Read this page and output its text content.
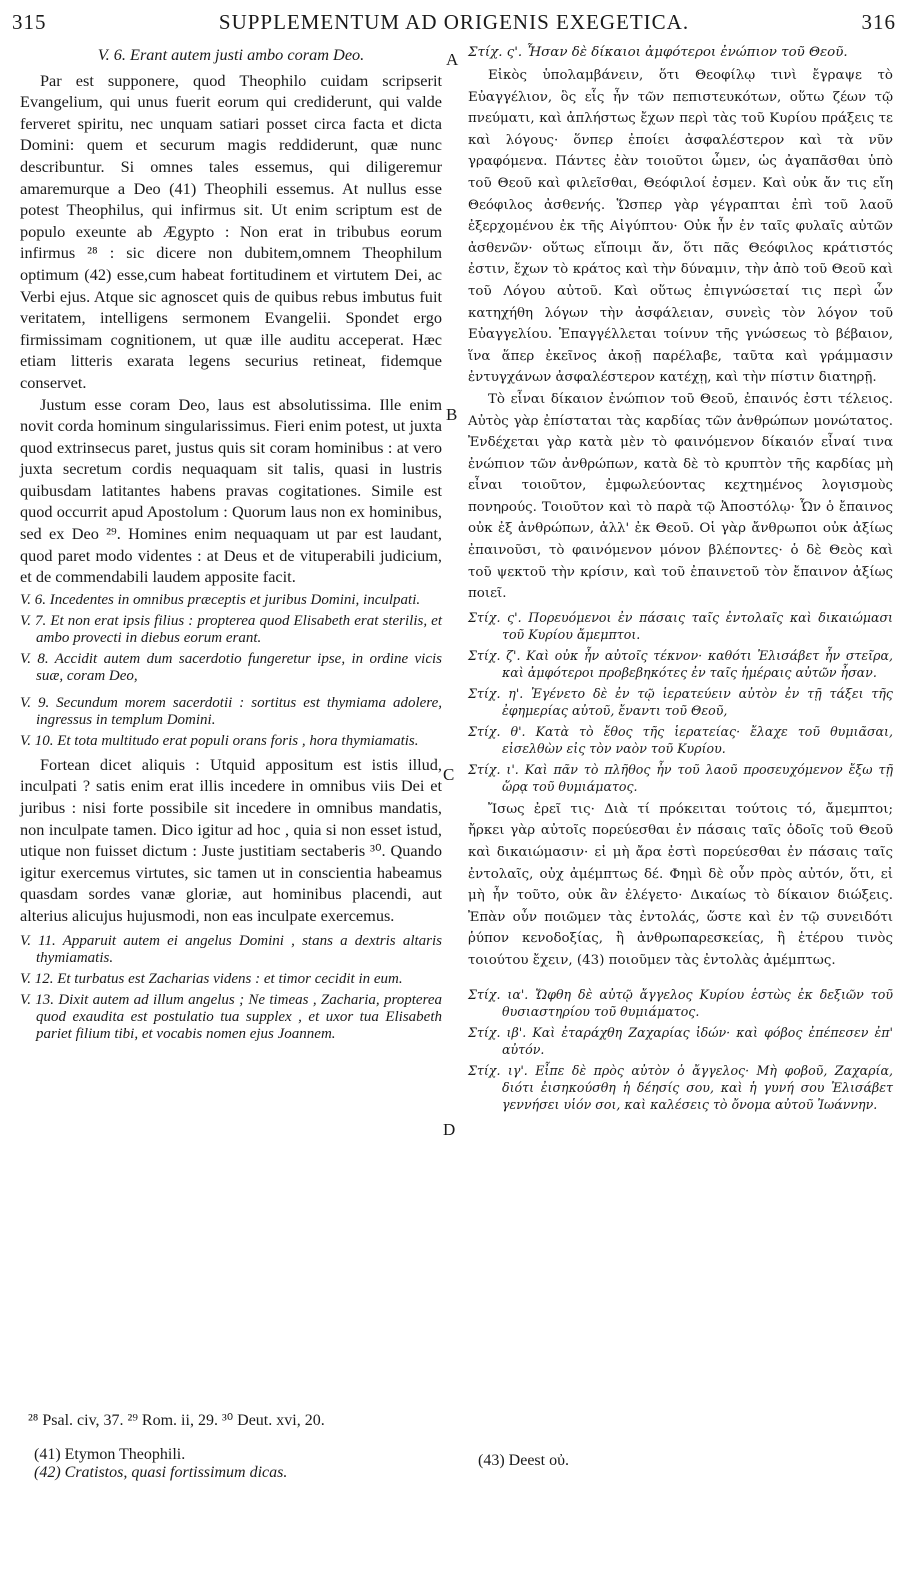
315	SUPPLEMENTUM AD ORIGENIS EXEGETICA.	316

V. 6. Erant autem justi ambo coram Deo.

Par est supponere, quod Theophilo cuidam scripserit Evangelium, qui unus fuerit eorum qui crediderunt, qui valde ferveret spiritu, nec unquam satiari posset circa facta et dicta Domini: quem et securum magis reddiderunt, quæ nunc describuntur. Si omnes tales essemus, qui diligeremur amaremurque a Deo (41) Theophili essemus. At nullus esse potest Theophilus, qui infirmus sit. Ut enim scriptum est de populo exeunte ab Ægypto : Non erat in tribubus eorum infirmus ²⁸ : sic dicere non dubitem,omnem Theophilum optimum (42) esse,cum habeat fortitudinem et virtutem Dei, ac Verbi ejus. Atque sic agnoscet quis de quibus rebus imbutus fuit veritatem, intelligens sermonem Evangelii. Spondet ergo firmissimam cognitionem, ut quæ ille auditu acceperat. Hæc etiam litteris exarata legens securius retineat, fidemque conservet.

Justum esse coram Deo, laus est absolutissima. Ille enim novit corda hominum singularissimus. Fieri enim potest, ut juxta quod extrinsecus paret, justus quis sit coram hominibus : at vero juxta secretum cordis nequaquam sit talis, quasi in lustris quibusdam latitantes habens pravas cogitationes. Simile est quod occurrit apud Apostolum : Quorum laus non ex hominibus, sed ex Deo ²⁹. Homines enim nequaquam ut par est laudant, quod paret modo videntes : at Deus et de vituperabili judicium, et de commendabili laudem apposite facit.

V. 6. Incedentes in omnibus præceptis et juribus Domini, inculpati.

V. 7. Et non erat ipsis filius : propterea quod Elisabeth erat sterilis, et ambo provecti in diebus eorum erant.

V. 8. Accidit autem dum sacerdotio fungeretur ipse, in ordine vicis suæ, coram Deo,

V. 9. Secundum morem sacerdotii : sortitus est thymiama adolere, ingressus in templum Domini.

V. 10. Et tota multitudo erat populi orans foris , hora thymiamatis.

Fortean dicet aliquis : Utquid appositum est istis illud, inculpati ? satis enim erat illis incedere in omnibus viis Dei et juribus : nisi forte possibile sit incedere in omnibus mandatis, non inculpate tamen. Dico igitur ad hoc , quia si non esset istud, utique non fuisset dictum : Juste justitiam sectaberis ³⁰. Quando igitur exercemus virtutes, sic tamen ut in conscientia habeamus quasdam sordes vanæ gloriæ, aut hominibus placendi, aut alterius alicujus hujusmodi, non eas inculpate exercemus.

V. 11. Apparuit autem ei angelus Domini , stans a dextris altaris thymiamatis.

V. 12. Et turbatus est Zacharias videns : et timor cecidit in eum.

V. 13. Dixit autem ad illum angelus ; Ne timeas , Zacharia, propterea quod exaudita est postulatio tua supplex , et uxor tua Elisabeth pariet filium tibi, et vocabis nomen ejus Joannem.

Στίχ. ς'. Ἦσαν δὲ δίκαιοι ἀμφότεροι ἐνώπιον τοῦ Θεοῦ.

Εἰκὸς ὑπολαμβάνειν, ὅτι Θεοφίλῳ τινὶ ἔγραψε τὸ Εὐαγγέλιον, ὃς εἷς ἦν τῶν πεπιστευκότων, οὕτω ζέων τῷ πνεύματι, καὶ ἀπλήστως ἔχων περὶ τὰς τοῦ Κυρίου πράξεις τε καὶ λόγους· ὅνπερ ἐποίει ἀσφαλέστερον καὶ τὰ νῦν γραφόμενα. Πάντες ἐὰν τοιοῦτοι ὦμεν, ὡς ἀγαπᾶσθαι ὑπὸ τοῦ Θεοῦ καὶ φιλεῖσθαι, Θεόφιλοί ἐσμεν. Καὶ οὐκ ἄν τις εἴη Θεόφιλος ἀσθενής. Ὥσπερ γὰρ γέγραπται ἐπὶ τοῦ λαοῦ ἐξερχομένου ἐκ τῆς Αἰγύπτου· Οὐκ ἦν ἐν ταῖς φυλαῖς αὐτῶν ἀσθενῶν· οὕτως εἴποιμι ἄν, ὅτι πᾶς Θεόφιλος κράτιστός ἐστιν, ἔχων τὸ κράτος καὶ τὴν δύναμιν, τὴν ἀπὸ τοῦ Θεοῦ καὶ τοῦ Λόγου αὐτοῦ. Καὶ οὕτως ἐπιγνώσεταί τις περὶ ὧν κατηχήθη λόγων τὴν ἀσφάλειαν, συνεὶς τὸν λόγον τοῦ Εὐαγγελίου. Ἐπαγγέλλεται τοίνυν τῆς γνώσεως τὸ βέβαιον, ἵνα ἅπερ ἐκεῖνος ἀκοῇ παρέλαβε, ταῦτα καὶ γράμμασιν ἐντυγχάνων ἀσφαλέστερον κατέχῃ, καὶ τὴν πίστιν διατηρῇ.

Τὸ εἶναι δίκαιον ἐνώπιον τοῦ Θεοῦ, ἐπαινός ἐστι τέλειος. Αὐτὸς γὰρ ἐπίσταται τὰς καρδίας τῶν ἀνθρώπων μονώτατος. Ἐνδέχεται γὰρ κατὰ μὲν τὸ φαινόμενον δίκαιόν εἶναί τινα ἐνώπιον τῶν ἀνθρώπων, κατὰ δὲ τὸ κρυπτὸν τῆς καρδίας μὴ εἶναι τοιοῦτον, ἐμφωλεύοντας κεχτημένος λογισμοὺς πονηρούς. Τοιοῦτον καὶ τὸ παρὰ τῷ Ἀποστόλῳ· Ὧν ὁ ἔπαινος οὐκ ἐξ ἀνθρώπων, ἀλλ' ἐκ Θεοῦ. Οἱ γὰρ ἄνθρωποι οὐκ ἀξίως ἐπαινοῦσι, τὸ φαινόμενον μόνον βλέποντες· ὁ δὲ Θεὸς καὶ τοῦ ψεκτοῦ τὴν κρίσιν, καὶ τοῦ ἐπαινετοῦ τὸν ἔπαινον ἀξίως ποιεῖ.

Στίχ. ς'. Πορευόμενοι ἐν πάσαις ταῖς ἐντολαῖς καὶ δικαιώμασι τοῦ Κυρίου ἄμεμπτοι.

Στίχ. ζ'. Καὶ οὐκ ἦν αὐτοῖς τέκνον· καθότι Ἐλισάβετ ἦν στεῖρα, καὶ ἀμφότεροι προβεβηκότες ἐν ταῖς ἡμέραις αὐτῶν ἦσαν.

Στίχ. η'. Ἐγένετο δὲ ἐν τῷ ἱερατεύειν αὐτὸν ἐν τῇ τάξει τῆς ἐφημερίας αὐτοῦ, ἔναντι τοῦ Θεοῦ,

Στίχ. θ'. Κατὰ τὸ ἔθος τῆς ἱερατείας· ἔλαχε τοῦ θυμιᾶσαι, εἰσελθὼν εἰς τὸν ναὸν τοῦ Κυρίου.

Στίχ. ι'. Καὶ πᾶν τὸ πλῆθος ἦν τοῦ λαοῦ προσευχόμενον ἔξω τῇ ὥρᾳ τοῦ θυμιάματος.

Ἴσως ἐρεῖ τις· Διὰ τί πρόκειται τούτοις τό, ἄμεμπτοι; ἤρκει γὰρ αὐτοῖς πορεύεσθαι ἐν πάσαις ταῖς ὁδοῖς τοῦ Θεοῦ καὶ δικαιώμασιν· εἰ μὴ ἄρα ἐστὶ πορεύεσθαι ἐν πάσαις ταῖς ἐντολαῖς, οὐχ ἀμέμπτως δέ. Φημὶ δὲ οὖν πρὸς αὐτόν, ὅτι, εἰ μὴ ἦν τοῦτο, οὐκ ἂν ἐλέγετο· Δικαίως τὸ δίκαιον διώξεις. Ἐπὰν οὖν ποιῶμεν τὰς ἐντολάς, ὥστε καὶ ἐν τῷ συνειδότι ῥύπον κενοδοξίας, ἢ ἀνθρωπαρεσκείας, ἢ ἑτέρου τινὸς τοιούτου ἔχειν, (43) ποιοῦμεν τὰς ἐντολὰς ἀμέμπτως.

Στίχ. ια'. Ὤφθη δὲ αὐτῷ ἄγγελος Κυρίου ἑστὼς ἐκ δεξιῶν τοῦ θυσιαστηρίου τοῦ θυμιάματος.

Στίχ. ιβ'. Καὶ ἐταράχθη Ζαχαρίας ἰδών· καὶ φόβος ἐπέπεσεν ἐπ' αὐτόν.

Στίχ. ιγ'. Εἶπε δὲ πρὸς αὐτὸν ὁ ἄγγελος· Μὴ φοβοῦ, Ζαχαρία, διότι ἐισηκούσθη ἡ δέησίς σου, καὶ ἡ γυνή σου Ἐλισάβετ γεννήσει υἱόν σοι, καὶ καλέσεις τὸ ὄνομα αὐτοῦ Ἰωάννην.

A
B
C
D
²⁸ Psal. civ, 37. ²⁹ Rom. ii, 29. ³⁰ Deut. xvi, 20.
(41) Etymon Theophili.
(42) Cratistos, quasi fortissimum dicas.
(43) Deest οὐ.
